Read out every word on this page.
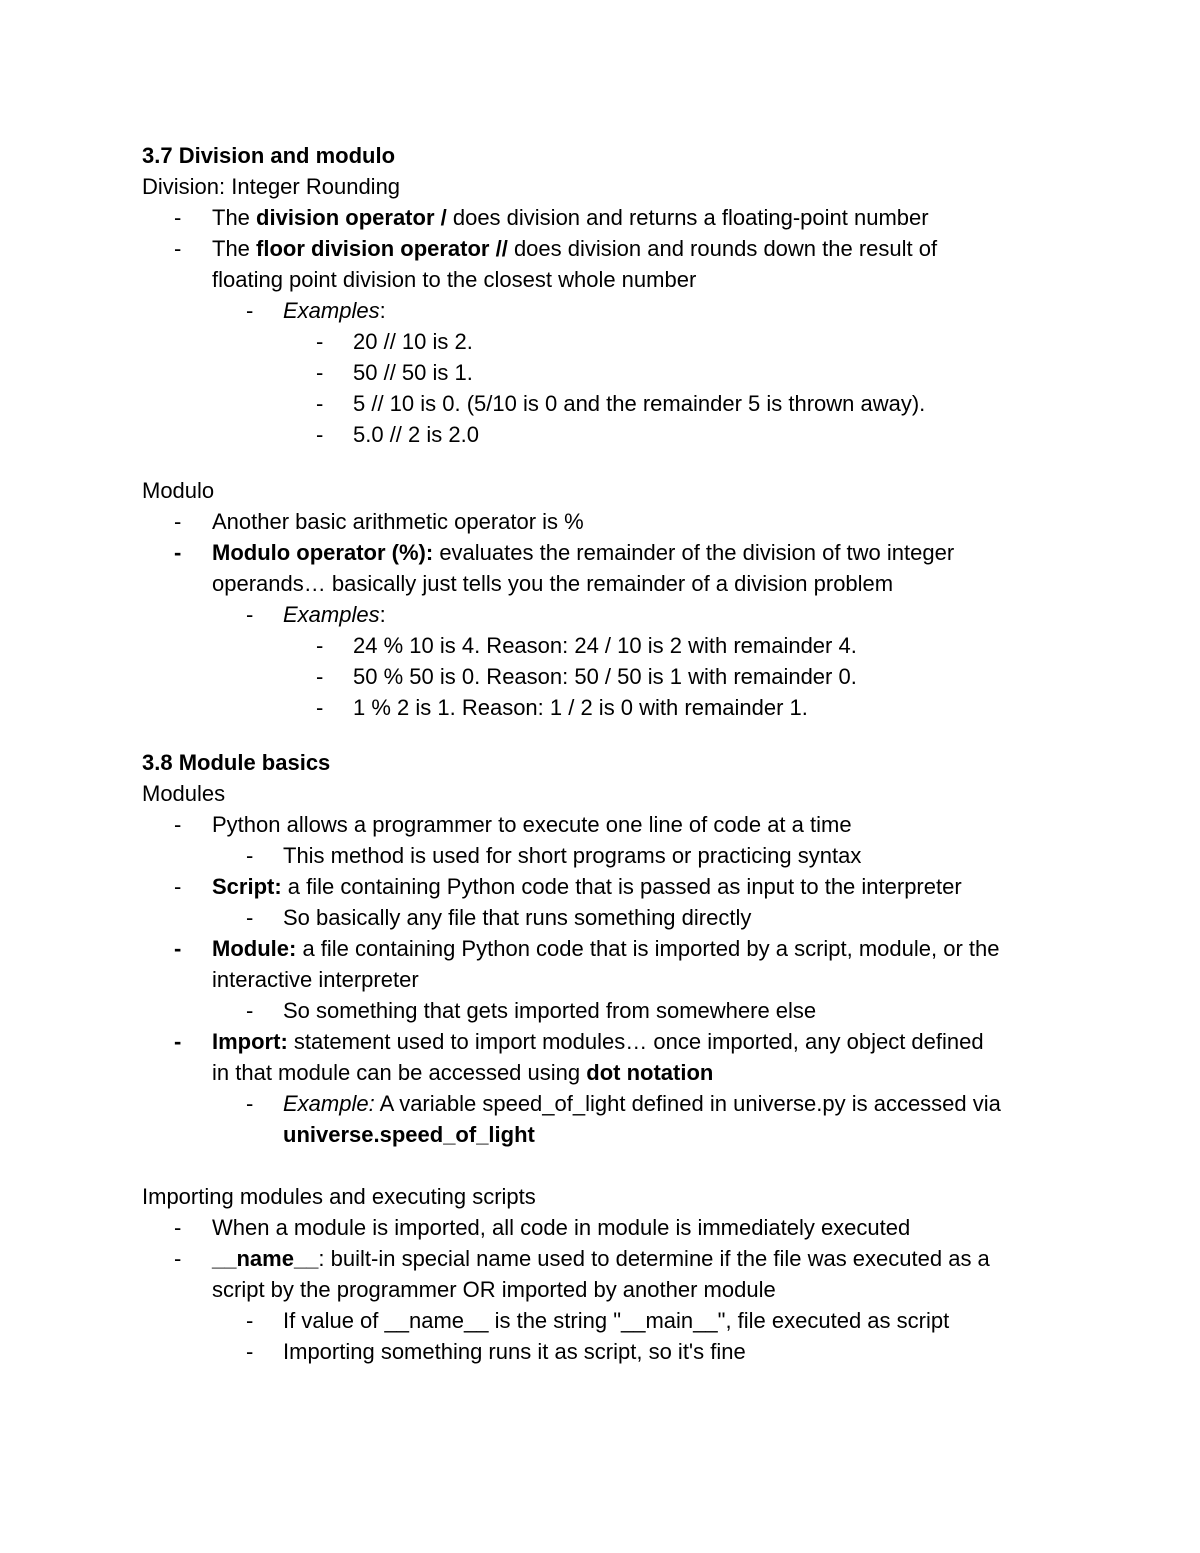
3.7 Division and modulo
Division: Integer Rounding
- The division operator / does division and returns a floating-point number
- The floor division operator // does division and rounds down the result of
floating point division to the closest whole number
- Examples:
- 20 // 10 is 2.
- 50 // 50 is 1.
- 5 // 10 is 0. (5/10 is 0 and the remainder 5 is thrown away).
- 5.0 // 2 is 2.0
Modulo
- Another basic arithmetic operator is %
- Modulo operator (%): evaluates the remainder of the division of two integer
operands… basically just tells you the remainder of a division problem
- Examples:
- 24 % 10 is 4. Reason: 24 / 10 is 2 with remainder 4.
- 50 % 50 is 0. Reason: 50 / 50 is 1 with remainder 0.
- 1 % 2 is 1. Reason: 1 / 2 is 0 with remainder 1.
3.8 Module basics
Modules
- Python allows a programmer to execute one line of code at a time
- This method is used for short programs or practicing syntax
- Script: a file containing Python code that is passed as input to the interpreter
- So basically any file that runs something directly
- Module: a file containing Python code that is imported by a script, module, or the
interactive interpreter
- So something that gets imported from somewhere else
- Import: statement used to import modules… once imported, any object defined
in that module can be accessed using dot notation
- Example: A variable speed_of_light defined in universe.py is accessed via
universe.speed_of_light
Importing modules and executing scripts
- When a module is imported, all code in module is immediately executed
- __name__: built-in special name used to determine if the file was executed as a
script by the programmer OR imported by another module
- If value of __name__ is the string "__main__", file executed as script
- Importing something runs it as script, so it's fine
